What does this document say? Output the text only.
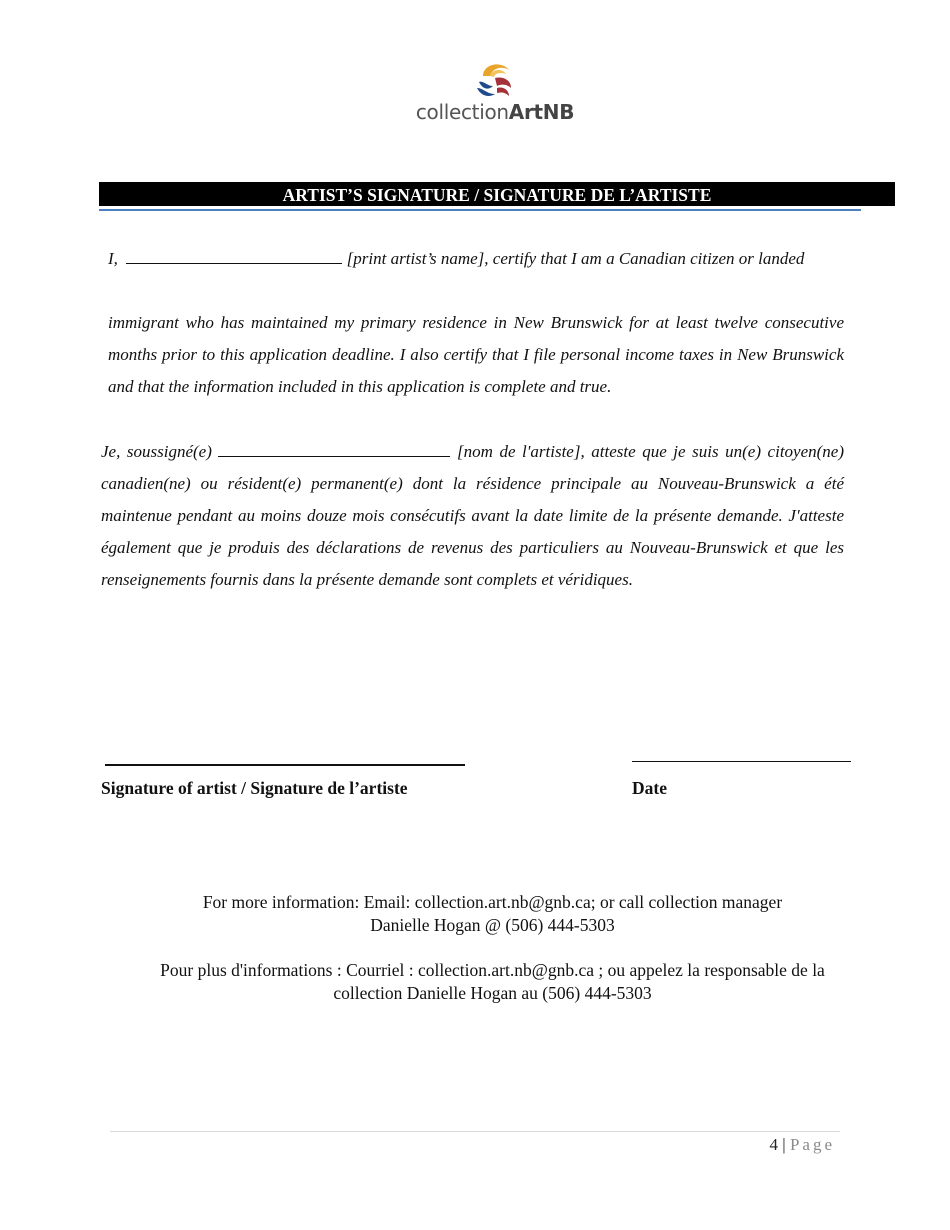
collectionArtNB
ARTIST’S SIGNATURE / SIGNATURE DE L’ARTISTE
I,	[print artist’s name], certify that I am a Canadian citizen or landed
immigrant who has maintained my primary residence in New Brunswick for at least twelve consecutive months prior to this application deadline. I also certify that I file personal income taxes in New Brunswick and that the information included in this application is complete and true.
Je, soussigné(e)	[nom de l'artiste], atteste que je suis un(e) citoyen(ne) canadien(ne) ou résident(e) permanent(e) dont la résidence principale au Nouveau-Brunswick a été maintenue pendant au moins douze mois consécutifs avant la date limite de la présente demande. J'atteste également que je produis des déclarations de revenus des particuliers au Nouveau-Brunswick et que les renseignements fournis dans la présente demande sont complets et véridiques.
Signature of artist / Signature de l’artiste	Date
For more information: Email: collection.art.nb@gnb.ca; or call collection manager
Danielle Hogan @ (506) 444-5303
Pour plus d'informations : Courriel : collection.art.nb@gnb.ca ; ou appelez la responsable de la
collection Danielle Hogan au (506) 444-5303
4 | Page
